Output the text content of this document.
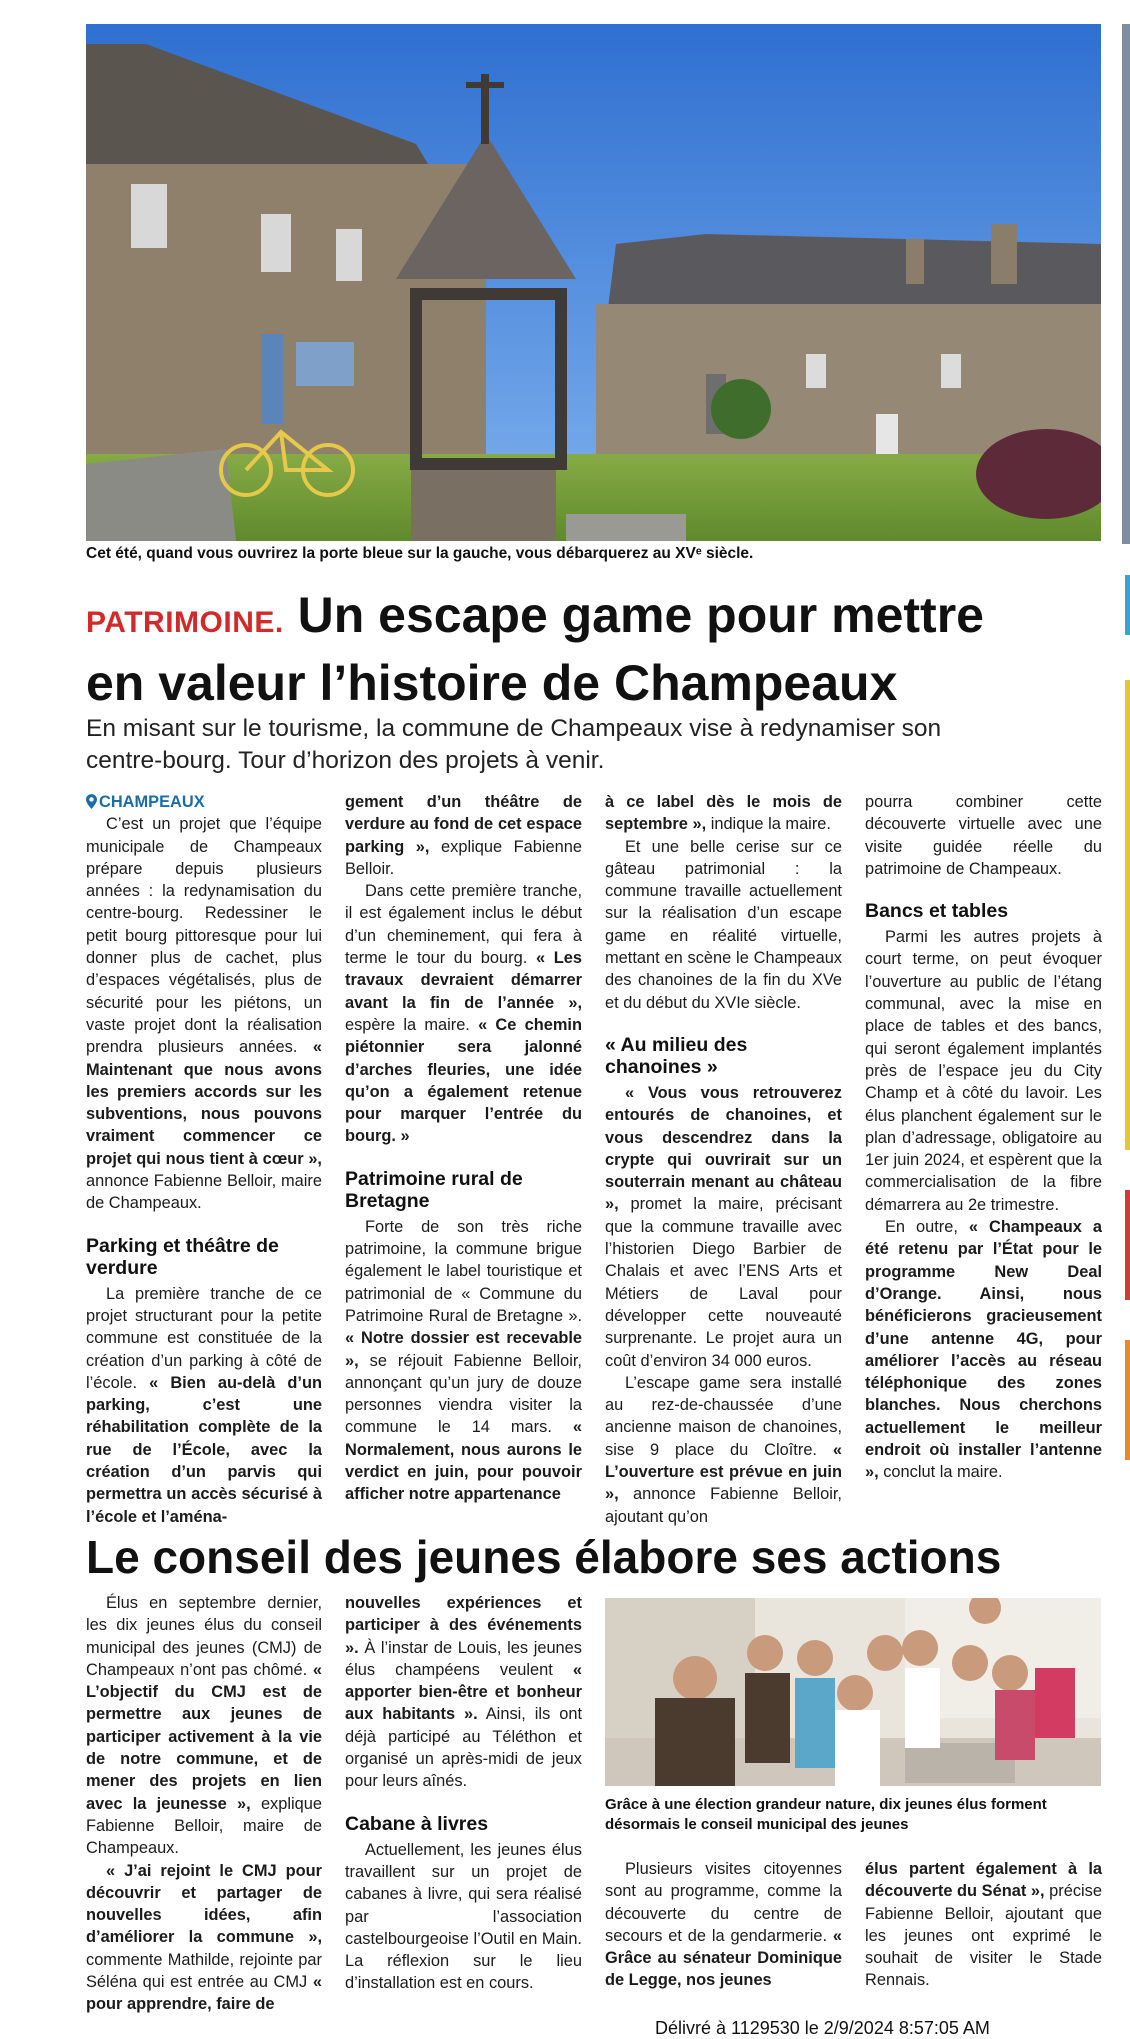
Cet été, quand vous ouvrirez la porte bleue sur la gauche, vous débarquerez au XVᵉ siècle.
PATRIMOINE. Un escape game pour mettre
en valeur l’histoire de Champeaux
En misant sur le tourisme, la commune de Champeaux vise à redynamiser son
centre-bourg. Tour d’horizon des projets à venir.
CHAMPEAUX

C’est un projet que l’équipe municipale de Champeaux prépare depuis plusieurs années : la redynamisation du centre-bourg. Redessiner le petit bourg pittoresque pour lui donner plus de cachet, plus d’espaces végétalisés, plus de sécurité pour les piétons, un vaste projet dont la réalisation prendra plusieurs années. « Maintenant que nous avons les premiers accords sur les subventions, nous pouvons vraiment commencer ce projet qui nous tient à cœur », annonce Fabienne Belloir, maire de Champeaux.

Parking et théâtre de verdure

La première tranche de ce projet structurant pour la petite commune est constituée de la création d’un parking à côté de l’école. « Bien au-delà d’un parking, c’est une réhabilitation complète de la rue de l’École, avec la création d’un parvis qui permettra un accès sécurisé à l’école et l’aména-

gement d’un théâtre de verdure au fond de cet espace parking », explique Fabienne Belloir.

Dans cette première tranche, il est également inclus le début d’un cheminement, qui fera à terme le tour du bourg. « Les travaux devraient démarrer avant la fin de l’année », espère la maire. « Ce chemin piétonnier sera jalonné d’arches fleuries, une idée qu’on a également retenue pour marquer l’entrée du bourg. »

Patrimoine rural de Bretagne

Forte de son très riche patrimoine, la commune brigue également le label touristique et patrimonial de « Commune du Patrimoine Rural de Bretagne ». « Notre dossier est recevable », se réjouit Fabienne Belloir, annonçant qu’un jury de douze personnes viendra visiter la commune le 14 mars. « Normalement, nous aurons le verdict en juin, pour pouvoir afficher notre appartenance

à ce label dès le mois de septembre », indique la maire.

Et une belle cerise sur ce gâteau patrimonial : la commune travaille actuellement sur la réalisation d’un escape game en réalité virtuelle, mettant en scène le Champeaux des chanoines de la fin du XVe et du début du XVIe siècle.

« Au milieu des chanoines »

« Vous vous retrouverez entourés de chanoines, et vous descendrez dans la crypte qui ouvrirait sur un souterrain menant au château », promet la maire, précisant que la commune travaille avec l’historien Diego Barbier de Chalais et avec l’ENS Arts et Métiers de Laval pour développer cette nouveauté surprenante. Le projet aura un coût d’environ 34 000 euros.

L’escape game sera installé au rez-de-chaussée d’une ancienne maison de chanoines, sise 9 place du Cloître. « L’ouverture est prévue en juin », annonce Fabienne Belloir, ajoutant qu’on

pourra combiner cette découverte virtuelle avec une visite guidée réelle du patrimoine de Champeaux.

Bancs et tables

Parmi les autres projets à court terme, on peut évoquer l’ouverture au public de l’étang communal, avec la mise en place de tables et des bancs, qui seront également implantés près de l’espace jeu du City Champ et à côté du lavoir. Les élus planchent également sur le plan d’adressage, obligatoire au 1er juin 2024, et espèrent que la commercialisation de la fibre démarrera au 2e trimestre.

En outre, « Champeaux a été retenu par l’État pour le programme New Deal d’Orange. Ainsi, nous bénéficierons gracieusement d’une antenne 4G, pour améliorer l’accès au réseau téléphonique des zones blanches. Nous cherchons actuellement le meilleur endroit où installer l’antenne », conclut la maire.

Le conseil des jeunes élabore ses actions

Élus en septembre dernier, les dix jeunes élus du conseil municipal des jeunes (CMJ) de Champeaux n’ont pas chômé. « L’objectif du CMJ est de permettre aux jeunes de participer activement à la vie de notre commune, et de mener des projets en lien avec la jeunesse », explique Fabienne Belloir, maire de Champeaux.

« J’ai rejoint le CMJ pour découvrir et partager de nouvelles idées, afin d’améliorer la commune », commente Mathilde, rejointe par Séléna qui est entrée au CMJ « pour apprendre, faire de

nouvelles expériences et participer à des événements ». À l’instar de Louis, les jeunes élus champéens veulent « apporter bien-être et bonheur aux habitants ». Ainsi, ils ont déjà participé au Téléthon et organisé un après-midi de jeux pour leurs aînés.

Cabane à livres

Actuellement, les jeunes élus travaillent sur un projet de cabanes à livre, qui sera réalisé par l’association castelbourgeoise l’Outil en Main. La réflexion sur le lieu d’installation est en cours.

Grâce à une élection grandeur nature, dix jeunes élus forment désormais le conseil municipal des jeunes

Plusieurs visites citoyennes sont au programme, comme la découverte du centre de secours et de la gendarmerie. « Grâce au sénateur Dominique de Legge, nos jeunes

élus partent également à la découverte du Sénat », précise Fabienne Belloir, ajoutant que les jeunes ont exprimé le souhait de visiter le Stade Rennais.

Délivré à 1129530 le 2/9/2024 8:57:05 AM
